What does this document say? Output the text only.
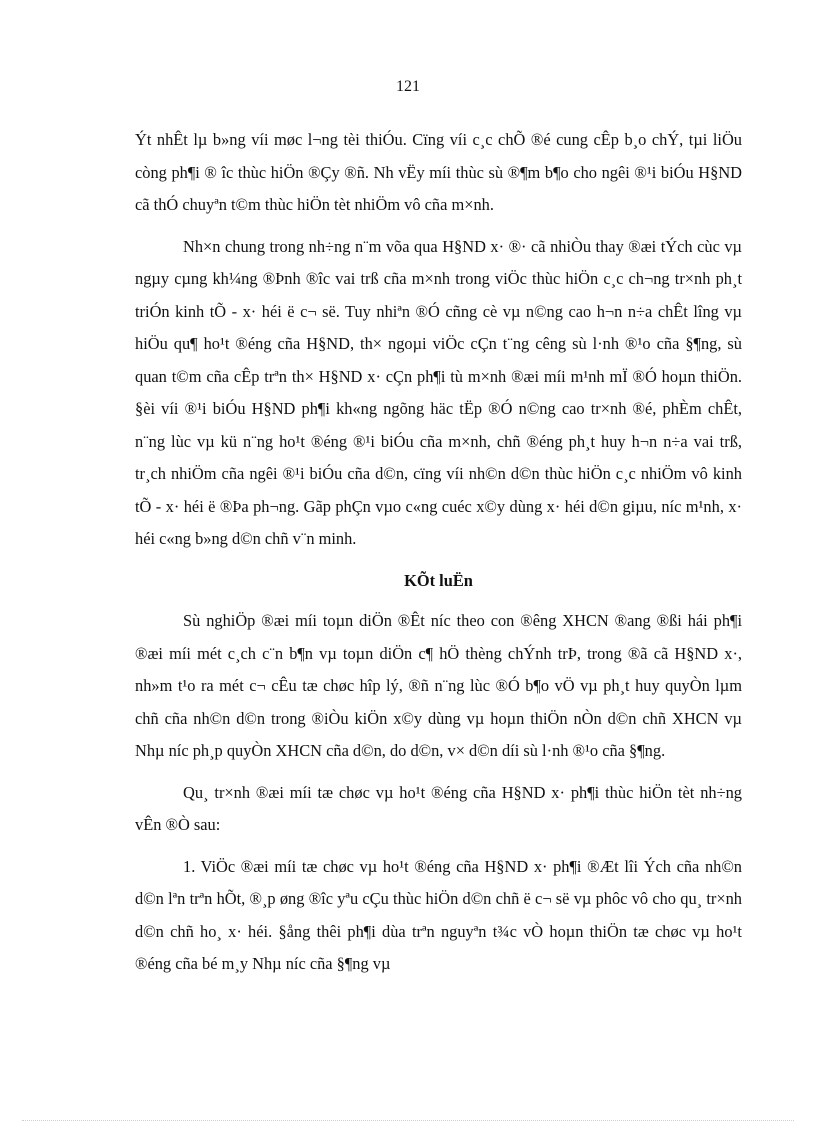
121

Ýt nhÊt lµ b»ng víi møc l¬ng tèi thiÓu. Cïng víi c¸c chÕ ®é cung cÊp b¸o chÝ, tµi liÖu còng ph¶i ® îc thùc hiÖn ®Çy ®ñ. Nh vËy míi thùc sù ®¶m b¶o cho ngêi ®¹i biÓu H§ND cã thÓ chuyªn t©m thùc hiÖn tèt nhiÖm vô cña m×nh.

Nh×n chung trong nh÷ng n¨m võa qua H§ND x· ®· cã nhiÒu thay ®æi tÝch cùc vµ ngµy cµng kh¼ng ®Þnh ®îc vai trß cña m×nh trong viÖc thùc hiÖn c¸c ch¬ng tr×nh ph¸t triÓn kinh tÕ - x· héi ë c¬ së. Tuy nhiªn ®Ó cñng cè vµ n©ng cao h¬n n÷a chÊt lîng vµ hiÖu qu¶ ho¹t ®éng cña H§ND, th× ngoµi viÖc cÇn t¨ng cêng sù l·nh ®¹o cña §¶ng, sù quan t©m cña cÊp trªn th× H§ND x· cÇn ph¶i tù m×nh ®æi míi m¹nh mÏ ®Ó hoµn thiÖn. §èi víi ®¹i biÓu H§ND ph¶i kh«ng ngõng häc tËp ®Ó n©ng cao tr×nh ®é, phÈm chÊt, n¨ng lùc vµ kü n¨ng ho¹t ®éng ®¹i biÓu cña m×nh, chñ ®éng ph¸t huy h¬n n÷a vai trß, tr¸ch nhiÖm cña ngêi ®¹i biÓu cña d©n, cïng víi nh©n d©n thùc hiÖn c¸c nhiÖm vô kinh tÕ - x· héi ë ®Þa ph¬ng. Gãp phÇn vµo c«ng cuéc x©y dùng x· héi d©n giµu, níc m¹nh, x· héi c«ng b»ng d©n chñ v¨n minh.

KÕt luËn

Sù nghiÖp ®æi míi toµn diÖn ®Êt níc theo con ®êng XHCN ®ang ®ßi hái ph¶i ®æi míi mét c¸ch c¨n b¶n vµ toµn diÖn c¶ hÖ thèng chÝnh trÞ, trong ®ã cã H§ND x·, nh»m t¹o ra mét c¬ cÊu tæ chøc hîp lý, ®ñ n¨ng lùc ®Ó b¶o vÖ vµ ph¸t huy quyÒn lµm chñ cña nh©n d©n trong ®iÒu kiÖn x©y dùng vµ hoµn thiÖn nÒn d©n chñ XHCN vµ Nhµ níc ph¸p quyÒn XHCN cña d©n, do d©n, v× d©n díi sù l·nh ®¹o cña §¶ng.

Qu¸ tr×nh ®æi míi tæ chøc vµ ho¹t ®éng cña H§ND x· ph¶i thùc hiÖn tèt nh÷ng vÊn ®Ò sau:

1. ViÖc ®æi míi tæ chøc vµ ho¹t ®éng cña H§ND x· ph¶i ®Æt lîi Ých cña nh©n d©n lªn trªn hÕt, ®¸p øng ®îc yªu cÇu thùc hiÖn d©n chñ ë c¬ së vµ phôc vô cho qu¸ tr×nh d©n chñ ho¸ x· héi. §ång thêi ph¶i dùa trªn nguyªn t¾c vÒ hoµn thiÖn tæ chøc vµ ho¹t ®éng cña bé m¸y Nhµ níc cña §¶ng vµ
